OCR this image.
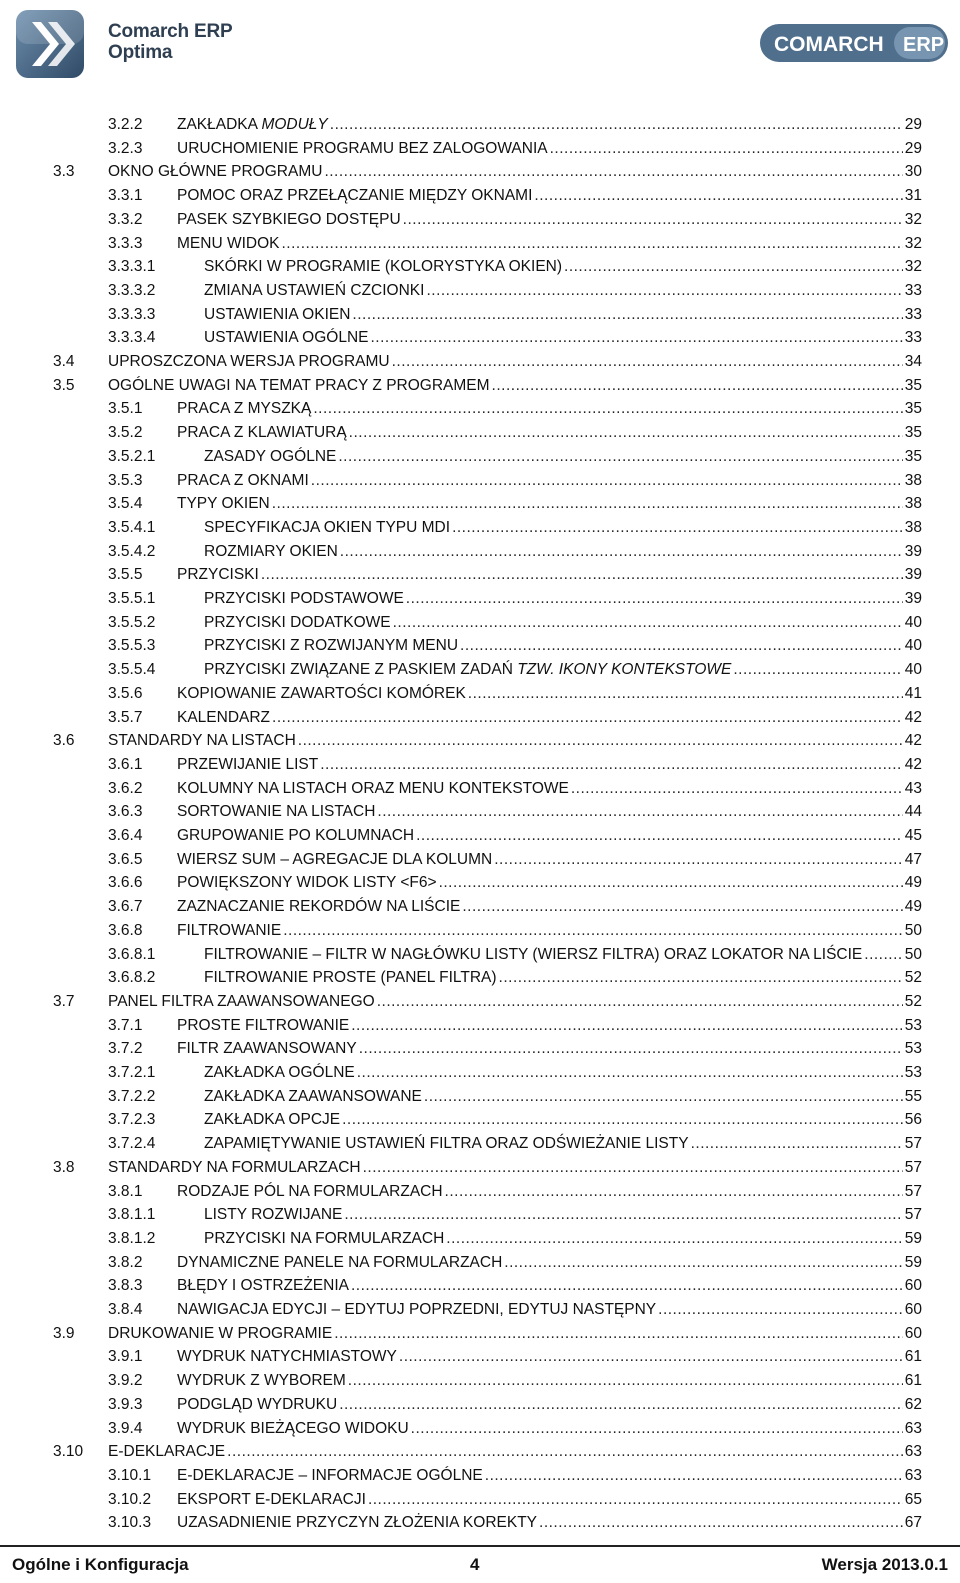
Comarch ERP
Optima	COMARCH ERP
3.2.2 ZAKŁADKA MODUŁY .....	29
3.2.3 URUCHOMIENIE PROGRAMU BEZ ZALOGOWANIA .....	29
3.3 OKNO GŁÓWNE PROGRAMU .....	30
3.3.1 POMOC ORAZ PRZEŁĄCZANIE MIĘDZY OKNAMI .....	31
3.3.2 PASEK SZYBKIEGO DOSTĘPU .....	32
3.3.3 MENU WIDOK .....	32
3.3.3.1	SKÓRKI W PROGRAMIE (KOLORYSTYKA OKIEN) .....	32
3.3.3.2	ZMIANA USTAWIEŃ CZCIONKI .....	33
3.3.3.3	USTAWIENIA OKIEN .....	33
3.3.3.4	USTAWIENIA OGÓLNE .....	33
3.4 UPROSZCZONA WERSJA PROGRAMU .....	34
3.5 OGÓLNE UWAGI NA TEMAT PRACY Z PROGRAMEM .....	35
3.5.1 PRACA Z MYSZKĄ .....	35
3.5.2 PRACA Z KLAWIATURĄ .....	35
3.5.2.1	ZASADY OGÓLNE .....	35
3.5.3 PRACA Z OKNAMI .....	38
3.5.4 TYPY OKIEN .....	38
3.5.4.1	SPECYFIKACJA OKIEN TYPU MDI .....	38
3.5.4.2	ROZMIARY OKIEN .....	39
3.5.5 PRZYCISKI .....	39
3.5.5.1	PRZYCISKI PODSTAWOWE .....	39
3.5.5.2	PRZYCISKI DODATKOWE .....	40
3.5.5.3	PRZYCISKI Z ROZWIJANYM MENU .....	40
3.5.5.4	PRZYCISKI ZWIĄZANE Z PASKIEM ZADAŃ TZW. IKONY KONTEKSTOWE .....	40
3.5.6 KOPIOWANIE ZAWARTOŚCI KOMÓREK .....	41
3.5.7 KALENDARZ .....	42
3.6 STANDARDY NA LISTACH .....	42
3.6.1 PRZEWIJANIE LIST .....	42
3.6.2 KOLUMNY NA LISTACH ORAZ MENU KONTEKSTOWE .....	43
3.6.3 SORTOWANIE NA LISTACH .....	44
3.6.4 GRUPOWANIE PO KOLUMNACH .....	45
3.6.5 WIERSZ SUM – AGREGACJE DLA KOLUMN .....	47
3.6.6 POWIĘKSZONY WIDOK LISTY <F6> .....	49
3.6.7 ZAZNACZANIE REKORDÓW NA LIŚCIE .....	49
3.6.8 FILTROWANIE .....	50
3.6.8.1	FILTROWANIE – FILTR W NAGŁÓWKU LISTY (WIERSZ FILTRA) ORAZ LOKATOR NA LIŚCIE .....	50
3.6.8.2	FILTROWANIE PROSTE (PANEL FILTRA) .....	52
3.7 PANEL FILTRA ZAAWANSOWANEGO .....	52
3.7.1 PROSTE FILTROWANIE .....	53
3.7.2 FILTR ZAAWANSOWANY .....	53
3.7.2.1	ZAKŁADKA OGÓLNE .....	53
3.7.2.2	ZAKŁADKA ZAAWANSOWANE .....	55
3.7.2.3	ZAKŁADKA OPCJE .....	56
3.7.2.4	ZAPAMIĘTYWANIE USTAWIEŃ FILTRA ORAZ ODŚWIEŻANIE LISTY .....	57
3.8 STANDARDY NA FORMULARZACH .....	57
3.8.1 RODZAJE PÓL NA FORMULARZACH .....	57
3.8.1.1	LISTY ROZWIJANE .....	57
3.8.1.2	PRZYCISKI NA FORMULARZACH .....	59
3.8.2 DYNAMICZNE PANELE NA FORMULARZACH .....	59
3.8.3 BŁĘDY I OSTRZEŻENIA .....	60
3.8.4 NAWIGACJA EDYCJI – EDYTUJ POPRZEDNI, EDYTUJ NASTĘPNY .....	60
3.9 DRUKOWANIE W PROGRAMIE .....	60
3.9.1 WYDRUK NATYCHMIASTOWY .....	61
3.9.2 WYDRUK Z WYBOREM .....	61
3.9.3 PODGLĄD WYDRUKU .....	62
3.9.4 WYDRUK BIEŻĄCEGO WIDOKU .....	63
3.10 E-DEKLARACJE .....	63
3.10.1 E-DEKLARACJE – INFORMACJE OGÓLNE .....	63
3.10.2 EKSPORT E-DEKLARACJI .....	65
3.10.3 UZASADNIENIE PRZYCZYN ZŁOŻENIA KOREKTY .....	67
Ogólne i Konfiguracja	4	Wersja 2013.0.1
